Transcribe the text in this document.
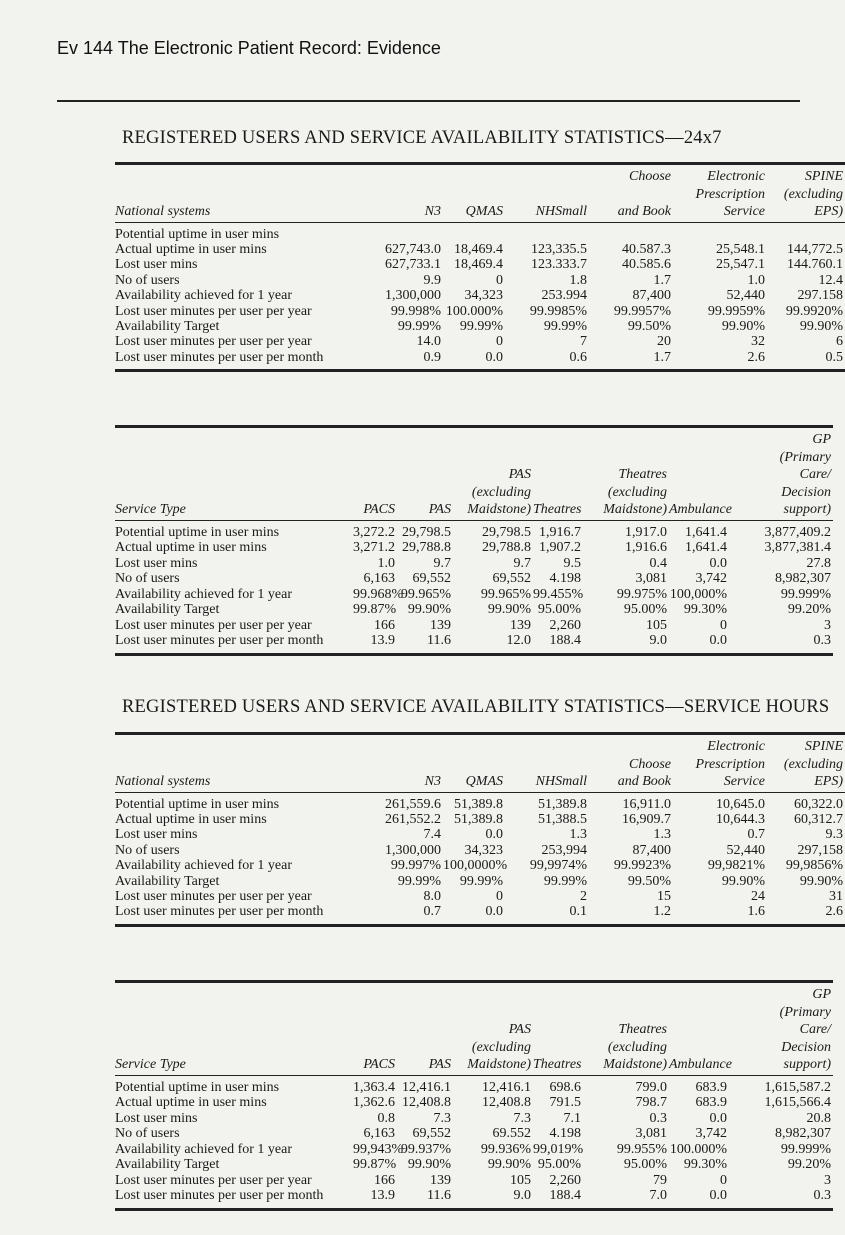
Ev 144 The Electronic Patient Record: Evidence
REGISTERED USERS AND SERVICE AVAILABILITY STATISTICS—24x7
				Choose	Electronic	SPINE
					Prescription	(excluding
National systems	N3	QMAS	NHSmall	and Book	Service	EPS)
Potential uptime in user mins						
Actual uptime in user mins	627,743.0	18,469.4	123,335.5	40.587.3	25,548.1	144,772.5
Lost user mins	627,733.1	18,469.4	123.333.7	40.585.6	25,547.1	144.760.1
No of users	9.9	0	1.8	1.7	1.0	12.4
Availability achieved for 1 year	1,300,000	34,323	253.994	87,400	52,440	297.158
Lost user minutes per user per year	99.998%	100.000%	99.9985%	99.9957%	99.9959%	99.9920%
Availability Target	99.99%	99.99%	99.99%	99.50%	99.90%	99.90%
Lost user minutes per user per year	14.0	0	7	20	32	6
Lost user minutes per user per month	0.9	0.0	0.6	1.7	2.6	0.5
								GP
								(Primary
			PAS		Theatres			Care/
			(excluding		(excluding			Decision
Service Type	PACS	PAS	Maidstone)	Theatres	Maidstone)	Ambulance		support)
Potential uptime in user mins	3,272.2	29,798.5	29,798.5	1,916.7	1,917.0	1,641.4		3,877,409.2
Actual uptime in user mins	3,271.2	29,788.8	29,788.8	1,907.2	1,916.6	1,641.4		3,877,381.4
Lost user mins	1.0	9.7	9.7	9.5	0.4	0.0		27.8
No of users	6,163	69,552	69,552	4.198	3,081	3,742		8,982,307
Availability achieved for 1 year	99.968%	99.965%	99.965%	99.455%	99.975%	100,000%		99.999%
Availability Target	99.87%	99.90%	99.90%	95.00%	95.00%	99.30%		99.20%
Lost user minutes per user per year	166	139	139	2,260	105	0		3
Lost user minutes per user per month	13.9	11.6	12.0	188.4	9.0	0.0		0.3
REGISTERED USERS AND SERVICE AVAILABILITY STATISTICS—SERVICE HOURS
					Electronic	SPINE
				Choose	Prescription	(excluding
National systems	N3	QMAS	NHSmall	and Book	Service	EPS)
Potential uptime in user mins	261,559.6	51,389.8	51,389.8	16,911.0	10,645.0	60,322.0
Actual uptime in user mins	261,552.2	51,389.8	51,388.5	16,909.7	10,644.3	60,312.7
Lost user mins	7.4	0.0	1.3	1.3	0.7	9.3
No of users	1,300,000	34,323	253,994	87,400	52,440	297,158
Availability achieved for 1 year	99.997%	100,0000%	99,9974%	99.9923%	99,9821%	99,9856%
Availability Target	99.99%	99.99%	99.99%	99.50%	99.90%	99.90%
Lost user minutes per user per year	8.0	0	2	15	24	31
Lost user minutes per user per month	0.7	0.0	0.1	1.2	1.6	2.6
								GP
								(Primary
			PAS		Theatres			Care/
			(excluding		(excluding			Decision
Service Type	PACS	PAS	Maidstone)	Theatres	Maidstone)	Ambulance		support)
Potential uptime in user mins	1,363.4	12,416.1	12,416.1	698.6	799.0	683.9		1,615,587.2
Actual uptime in user mins	1,362.6	12,408.8	12,408.8	791.5	798.7	683.9		1,615,566.4
Lost user mins	0.8	7.3	7.3	7.1	0.3	0.0		20.8
No of users	6,163	69,552	69.552	4.198	3,081	3,742		8,982,307
Availability achieved for 1 year	99,943%	99.937%	99.936%	99,019%	99.955%	100.000%		99.999%
Availability Target	99.87%	99.90%	99.90%	95.00%	95.00%	99.30%		99.20%
Lost user minutes per user per year	166	139	105	2,260	79	0		3
Lost user minutes per user per month	13.9	11.6	9.0	188.4	7.0	0.0		0.3
